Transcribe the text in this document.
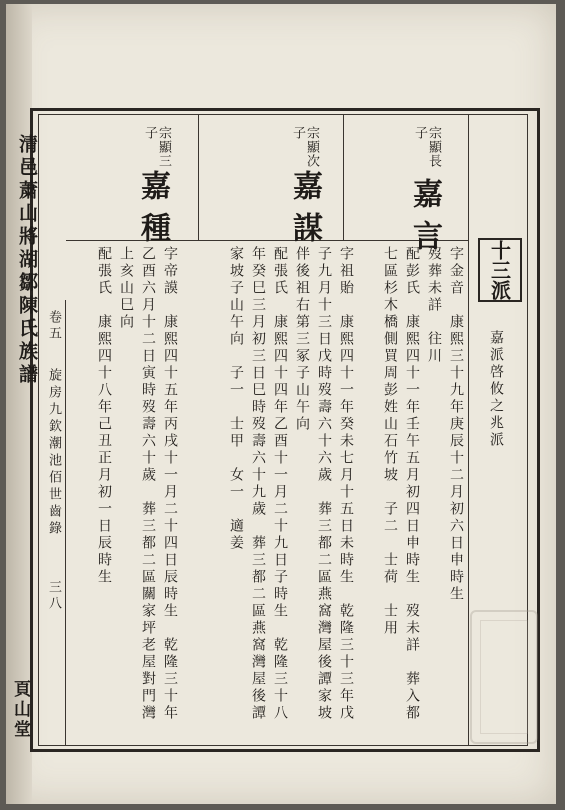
清邑䔥山將湖鄒陳氏族譜 卷五
旋房九欽潮池佰世齒錄
三八
頁山堂
十三派
嘉派啓攸之兆派
宗顯長子
嘉言
字金音　康熙三十九年庚辰十二月初六日申時生
歿葬未詳　往川
配彭氏　康熙四十一年壬午五月初四日申時生　歿未詳　葬入都
七區杉木橋側買周彭姓山石竹坡　子二　士荷　士用
宗顯次子
嘉謀
字祖貽　康熙四十一年癸未七月十五日未時生　乾隆三十三年戊
子九月十三日戊時歿壽六十六歲　葬三都二區燕窩灣屋後譚家坡
伴後祖右第三冢子山午向
配張氏　康熙四十四年乙酉十一月二十九日子時生　乾隆三十八
年癸巳三月初三日巳時歿壽六十九歲　葬三都二區燕窩灣屋後譚
家坡子山午向　子一　士甲　女一　適姜
宗顯三子
嘉種
字帝謨　康熙四十五年丙戌十一月二十四日辰時生　乾隆三十年
乙酉六月十二日寅時歿壽六十歲　葬三都二區關家坪老屋對門灣
上亥山巳向
配張氏　康熙四十八年己丑正月初一日辰時生
